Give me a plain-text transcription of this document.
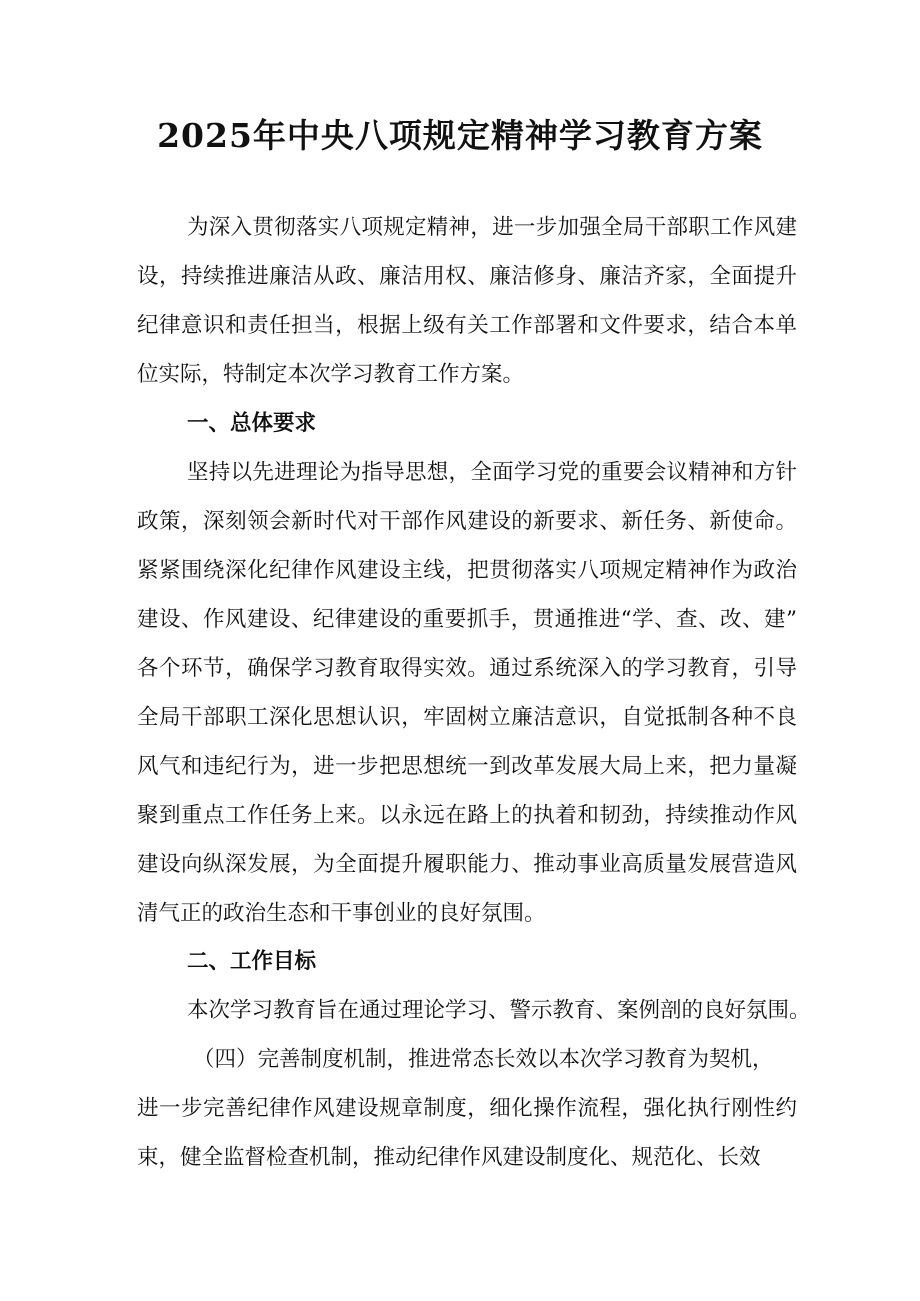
2025年中央八项规定精神学习教育方案
为深入贯彻落实八项规定精神，进一步加强全局干部职工作风建
设，持续推进廉洁从政、廉洁用权、廉洁修身、廉洁齐家，全面提升
纪律意识和责任担当，根据上级有关工作部署和文件要求，结合本单
位实际，特制定本次学习教育工作方案。
一、总体要求
坚持以先进理论为指导思想，全面学习党的重要会议精神和方针
政策，深刻领会新时代对干部作风建设的新要求、新任务、新使命。
紧紧围绕深化纪律作风建设主线，把贯彻落实八项规定精神作为政治
建设、作风建设、纪律建设的重要抓手，贯通推进“学、查、改、建”
各个环节，确保学习教育取得实效。通过系统深入的学习教育，引导
全局干部职工深化思想认识，牢固树立廉洁意识，自觉抵制各种不良
风气和违纪行为，进一步把思想统一到改革发展大局上来，把力量凝
聚到重点工作任务上来。以永远在路上的执着和韧劲，持续推动作风
建设向纵深发展，为全面提升履职能力、推动事业高质量发展营造风
清气正的政治生态和干事创业的良好氛围。
二、工作目标
本次学习教育旨在通过理论学习、警示教育、案例剖的良好氛围。
（四）完善制度机制，推进常态长效以本次学习教育为契机，
进一步完善纪律作风建设规章制度，细化操作流程，强化执行刚性约
束，健全监督检查机制，推动纪律作风建设制度化、规范化、长效
